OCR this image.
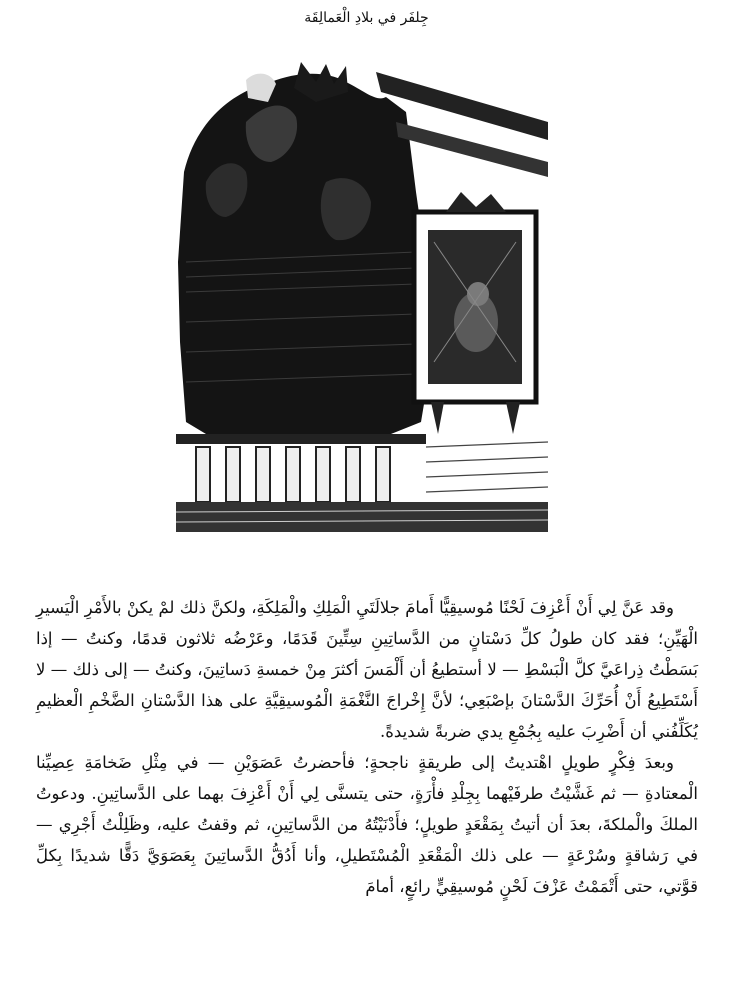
جِلفَر في بلادِ الْعَمالِقَة

وقد عَنَّ لِي أَنْ أَعْزِفَ لَحْنًا مُوسيقِيًّا أَمامَ جلالَتَيِ الْمَلِكِ والْمَلِكَةِ، ولكنَّ ذلك لمْ يكنْ بالأَمْرِ الْيَسيرِ الْهَيِّنِ؛ فقد كان طولُ كلِّ دَسْتانٍ من الدَّساتِينِ سِتِّينَ قَدَمًا، وعَرْضُه ثلاثون قدمًا، وكنتُ — إذا بَسَطْتُ ذِراعَيَّ كلَّ الْبَسْطِ — لا أستطيعُ أن أَلْمَسَ أكثرَ مِنْ خمسةِ دَساتِينَ، وكنتُ — إلى ذلك — لا أَسْتَطِيعُ أَنْ أُحَرِّكَ الدَّسْتانَ بإصْبَعِي؛ لأنَّ إِخْراجَ النَّغْمَةِ الْمُوسيقِيَّةِ على هذا الدَّسْتانِ الضَّخْمِ الْعظيمِ يُكَلِّفُني أن أَضْرِبَ عليه بِجُمْعِ يدي ضربةً شديدةً.

وبعدَ فِكْرٍ طويلٍ اهْتديتُ إلى طريقةٍ ناجحةٍ؛ فأحضرتُ عَصَوَيْنِ — في مِثْلِ ضَخامَةِ عِصِيِّنا الْمعتادةِ — ثم غَشَّيْتُ طرفَيْهما بِجِلْدِ فأْرَةٍ، حتى يتسنَّى لِي أَنْ أَعْزِفَ بهما على الدَّساتِينِ. ودعوتُ الملكَ والْملكةَ، بعدَ أن أتيتُ بِمَقْعَدٍ طويلٍ؛ فأَدْنَيْتُهُ من الدَّساتِينِ، ثم وقفتُ عليه، وظَلِلْتُ أَجْرِي — في رَشاقةٍ وسُرْعَةٍ — على ذلك الْمَقْعَدِ الْمُسْتَطيلِ، وأنا أَدُقُّ الدَّساتِينَ بِعَصَوَيَّ دَقًّا شديدًا بِكلِّ قوَّتي، حتى أَتْمَمْتُ عَزْفَ لَحْنٍ مُوسيقِيٍّ رائعٍ، أمامَ
